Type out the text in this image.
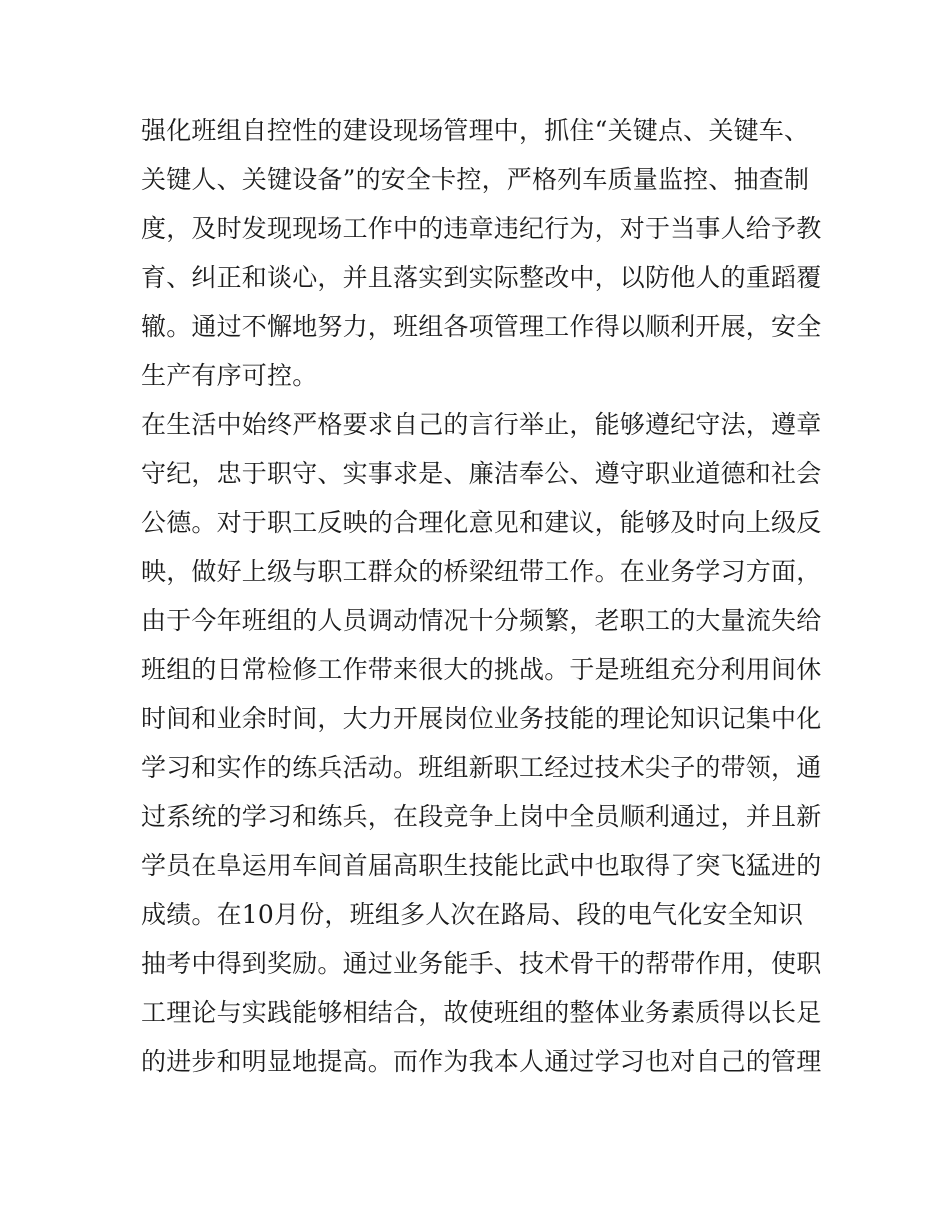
强化班组自控性的建设现场管理中，抓住“关键点、关键车、
关键人、关键设备”的安全卡控，严格列车质量监控、抽查制
度，及时发现现场工作中的违章违纪行为，对于当事人给予教
育、纠正和谈心，并且落实到实际整改中，以防他人的重蹈覆
辙。通过不懈地努力，班组各项管理工作得以顺利开展，安全
生产有序可控。
在生活中始终严格要求自己的言行举止，能够遵纪守法，遵章
守纪，忠于职守、实事求是、廉洁奉公、遵守职业道德和社会
公德。对于职工反映的合理化意见和建议，能够及时向上级反
映，做好上级与职工群众的桥梁纽带工作。在业务学习方面，
由于今年班组的人员调动情况十分频繁，老职工的大量流失给
班组的日常检修工作带来很大的挑战。于是班组充分利用间休
时间和业余时间，大力开展岗位业务技能的理论知识记集中化
学习和实作的练兵活动。班组新职工经过技术尖子的带领，通
过系统的学习和练兵，在段竞争上岗中全员顺利通过，并且新
学员在阜运用车间首届高职生技能比武中也取得了突飞猛进的
成绩。在10月份，班组多人次在路局、段的电气化安全知识
抽考中得到奖励。通过业务能手、技术骨干的帮带作用，使职
工理论与实践能够相结合，故使班组的整体业务素质得以长足
的进步和明显地提高。而作为我本人通过学习也对自己的管理
